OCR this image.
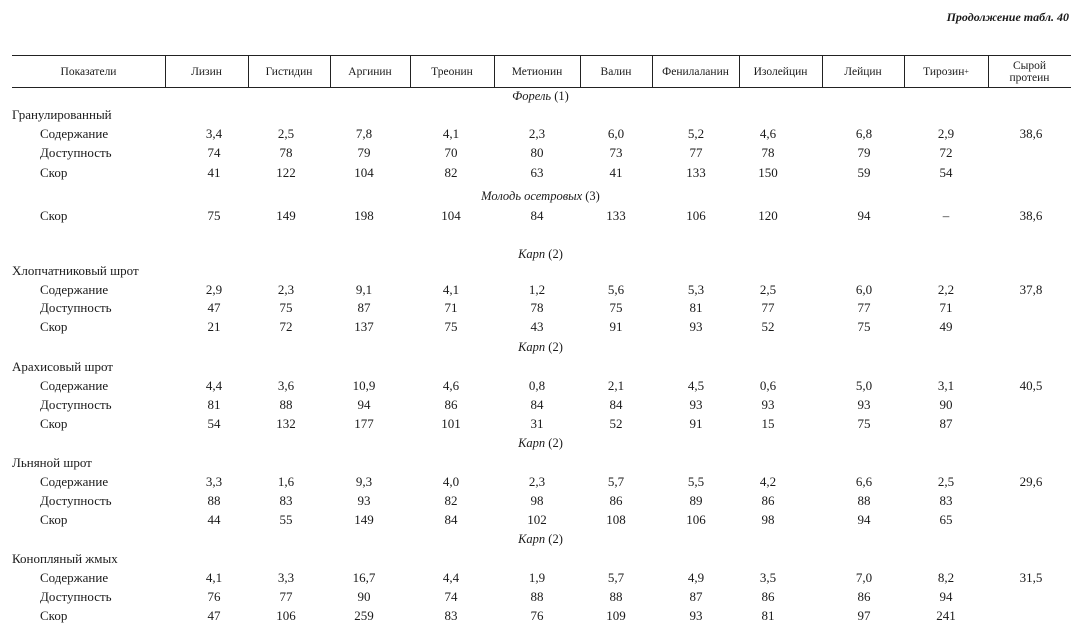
Продолжение табл. 40
Показатели	Лизин	Гистидин	Аргинин	Треонин	Метионин	Валин	Фенилаланин Изолейцин	Лейцин	Тирозин +	Сырой
протеин
Форель (1)
Гранулированный
Содержание	3,4	2,5	7,8	4,1	2,3	6,0	5,2	4,6	6,8	2,9	38,6
Доступность	74	78	79	70	80	73	77	78	79	72
Скор	41	122	104	82	63	41	133	150	59	54
Молодь осетровых (3)
Скор	75	149	198	104	84	133	106	120	94	–	38,6
Карп (2)
Хлопчатниковый шрот
Содержание	2,9	2,3	9,1	4,1	1,2	5,6	5,3	2,5	6,0	2,2	37,8
Доступность	47	75	87	71	78	75	81	77	77	71
Скор	21	72	137	75	43	91	93	52	75	49
Карп (2)
Арахисовый шрот
Содержание	4,4	3,6	10,9	4,6	0,8	2,1	4,5	0,6	5,0	3,1	40,5
Доступность	81	88	94	86	84	84	93	93	93	90
Скор	54	132	177	101	31	52	91	15	75	87
Карп (2)
Льняной шрот
Содержание	3,3	1,6	9,3	4,0	2,3	5,7	5,5	4,2	6,6	2,5	29,6
Доступность	88	83	93	82	98	86	89	86	88	83
Скор	44	55	149	84	102	108	106	98	94	65
Карп (2)
Конопляный жмых
Содержание	4,1	3,3	16,7	4,4	1,9	5,7	4,9	3,5	7,0	8,2	31,5
Доступность	76	77	90	74	88	88	87	86	86	94
Скор	47	106	259	83	76	109	93	81	97	241
